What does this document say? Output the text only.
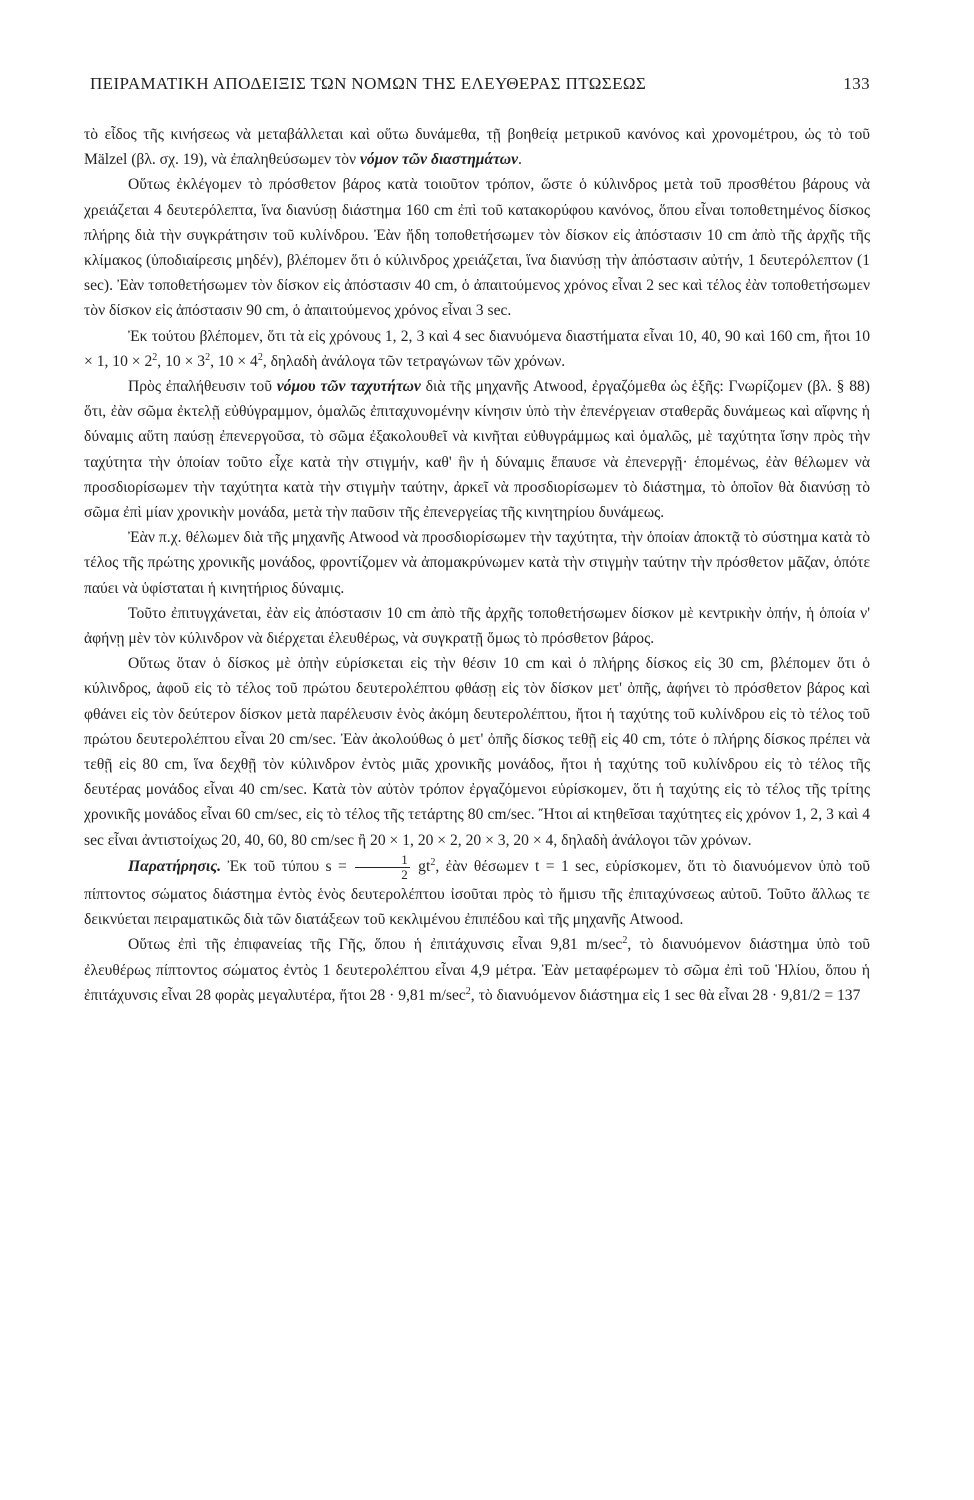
ΠΕΙΡΑΜΑΤΙΚΗ ΑΠΟΔΕΙΞΙΣ ΤΩΝ ΝΟΜΩΝ ΤΗΣ ΕΛΕΥΘΕΡΑΣ ΠΤΩΣΕΩΣ	133

τὸ εἶδος τῆς κινήσεως νὰ μεταβάλλεται καὶ οὕτω δυνάμεθα, τῇ βοηθείᾳ μετρικοῦ κανόνος καὶ χρονομέτρου, ὡς τὸ τοῦ Mälzel (βλ. σχ. 19), νὰ ἐπαληθεύσωμεν τὸν νόμον τῶν διαστημάτων.

Οὕτως ἐκλέγομεν τὸ πρόσθετον βάρος κατὰ τοιοῦτον τρόπον, ὥστε ὁ κύλινδρος μετὰ τοῦ προσθέτου βάρους νὰ χρειάζεται 4 δευτερόλεπτα, ἵνα διανύσῃ διάστημα 160 cm ἐπὶ τοῦ κατακορύφου κανόνος, ὅπου εἶναι τοποθετημένος δίσκος πλήρης διὰ τὴν συγκράτησιν τοῦ κυλίνδρου. Ἐὰν ἤδη τοποθετήσωμεν τὸν δίσκον εἰς ἀπόστασιν 10 cm ἀπὸ τῆς ἀρχῆς τῆς κλίμακος (ὑποδιαίρεσις μηδέν), βλέπομεν ὅτι ὁ κύλινδρος χρειάζεται, ἵνα διανύσῃ τὴν ἀπόστασιν αὐτήν, 1 δευτερόλεπτον (1 sec). Ἐὰν τοποθετήσωμεν τὸν δίσκον εἰς ἀπόστασιν 40 cm, ὁ ἀπαιτούμενος χρόνος εἶναι 2 sec καὶ τέλος ἐὰν τοποθετήσωμεν τὸν δίσκον εἰς ἀπόστασιν 90 cm, ὁ ἀπαιτούμενος χρόνος εἶναι 3 sec.

Ἐκ τούτου βλέπομεν, ὅτι τὰ εἰς χρόνους 1, 2, 3 καὶ 4 sec διανυόμενα διαστήματα εἶναι 10, 40, 90 καὶ 160 cm, ἤτοι 10 × 1, $10 \times 2^2$, $10 \times 3^2$, $10 \times 4^2$, δηλαδὴ ἀνάλογα τῶν τετραγώνων τῶν χρόνων.

Πρὸς ἐπαλήθευσιν τοῦ νόμου τῶν ταχυτήτων διὰ τῆς μηχανῆς Atwood, ἐργαζόμεθα ὡς ἑξῆς: Γνωρίζομεν (βλ. § 88) ὅτι, ἐὰν σῶμα ἐκτελῇ εὐθύγραμμον, ὁμαλῶς ἐπιταχυνομένην κίνησιν ὑπὸ τὴν ἐπενέργειαν σταθερᾶς δυνάμεως καὶ αἴφνης ἡ δύναμις αὕτη παύσῃ ἐπενεργοῦσα, τὸ σῶμα ἐξακολουθεῖ νὰ κινῆται εὐθυγράμμως καὶ ὁμαλῶς, μὲ ταχύτητα ἴσην πρὸς τὴν ταχύτητα τὴν ὁποίαν τοῦτο εἶχε κατὰ τὴν στιγμήν, καθ' ἣν ἡ δύναμις ἔπαυσε νὰ ἐπενεργῇ· ἑπομένως, ἐὰν θέλωμεν νὰ προσδιορίσωμεν τὴν ταχύτητα κατὰ τὴν στιγμὴν ταύτην, ἀρκεῖ νὰ προσδιορίσωμεν τὸ διάστημα, τὸ ὁποῖον θὰ διανύσῃ τὸ σῶμα ἐπὶ μίαν χρονικὴν μονάδα, μετὰ τὴν παῦσιν τῆς ἐπενεργείας τῆς κινητηρίου δυνάμεως.

Ἐὰν π.χ. θέλωμεν διὰ τῆς μηχανῆς Atwood νὰ προσδιορίσωμεν τὴν ταχύτητα, τὴν ὁποίαν ἀποκτᾷ τὸ σύστημα κατὰ τὸ τέλος τῆς πρώτης χρονικῆς μονάδος, φροντίζομεν νὰ ἀπομακρύνωμεν κατὰ τὴν στιγμὴν ταύτην τὴν πρόσθετον μᾶζαν, ὁπότε παύει νὰ ὑφίσταται ἡ κινητήριος δύναμις.

Τοῦτο ἐπιτυγχάνεται, ἐὰν εἰς ἀπόστασιν 10 cm ἀπὸ τῆς ἀρχῆς τοποθετήσωμεν δίσκον μὲ κεντρικὴν ὀπήν, ἡ ὁποία ν' ἀφήνῃ μὲν τὸν κύλινδρον νὰ διέρχεται ἐλευθέρως, νὰ συγκρατῇ ὅμως τὸ πρόσθετον βάρος.

Οὕτως ὅταν ὁ δίσκος μὲ ὀπὴν εὑρίσκεται εἰς τὴν θέσιν 10 cm καὶ ὁ πλήρης δίσκος εἰς 30 cm, βλέπομεν ὅτι ὁ κύλινδρος, ἀφοῦ εἰς τὸ τέλος τοῦ πρώτου δευτερολέπτου φθάσῃ εἰς τὸν δίσκον μετ' ὀπῆς, ἀφήνει τὸ πρόσθετον βάρος καὶ φθάνει εἰς τὸν δεύτερον δίσκον μετὰ παρέλευσιν ἑνὸς ἀκόμη δευτερολέπτου, ἤτοι ἡ ταχύτης τοῦ κυλίνδρου εἰς τὸ τέλος τοῦ πρώτου δευτερολέπτου εἶναι 20 cm/sec. Ἐὰν ἀκολούθως ὁ μετ' ὀπῆς δίσκος τεθῇ εἰς 40 cm, τότε ὁ πλήρης δίσκος πρέπει νὰ τεθῇ εἰς 80 cm, ἵνα δεχθῇ τὸν κύλινδρον ἐντὸς μιᾶς χρονικῆς μονάδος, ἤτοι ἡ ταχύτης τοῦ κυλίνδρου εἰς τὸ τέλος τῆς δευτέρας μονάδος εἶναι 40 cm/sec. Κατὰ τὸν αὐτὸν τρόπον ἐργαζόμενοι εὑρίσκομεν, ὅτι ἡ ταχύτης εἰς τὸ τέλος τῆς τρίτης χρονικῆς μονάδος εἶναι 60 cm/sec, εἰς τὸ τέλος τῆς τετάρτης 80 cm/sec. Ἤτοι αἱ κτηθεῖσαι ταχύτητες εἰς χρόνον 1, 2, 3 καὶ 4 sec εἶναι ἀντιστοίχως 20, 40, 60, 80 cm/sec ἢ 20 × 1, 20 × 2, 20 × 3, 20 × 4, δηλαδὴ ἀνάλογοι τῶν χρόνων.

Παρατήρησις. Ἐκ τοῦ τύπου $s = \frac{1}{2} gt^2$, ἐὰν θέσωμεν t = 1 sec, εὑρίσκομεν, ὅτι τὸ διανυόμενον ὑπὸ τοῦ πίπτοντος σώματος διάστημα ἐντὸς ἑνὸς δευτερολέπτου ἰσοῦται πρὸς τὸ ἥμισυ τῆς ἐπιταχύνσεως αὐτοῦ. Τοῦτο ἄλλως τε δεικνύεται πειραματικῶς διὰ τῶν διατάξεων τοῦ κεκλιμένου ἐπιπέδου καὶ τῆς μηχανῆς Atwood.

Οὕτως ἐπὶ τῆς ἐπιφανείας τῆς Γῆς, ὅπου ἡ ἐπιτάχυνσις εἶναι 9,81 $m/\sec^2$, τὸ διανυόμενον διάστημα ὑπὸ τοῦ ἐλευθέρως πίπτοντος σώματος ἐντὸς 1 δευτερολέπτου εἶναι 4,9 μέτρα. Ἐὰν μεταφέρωμεν τὸ σῶμα ἐπὶ τοῦ Ἡλίου, ὅπου ἡ ἐπιτάχυνσις εἶναι 28 φορὰς μεγαλυτέρα, ἤτοι 28 · 9,81 $m/\sec^2$, τὸ διανυόμενον διάστημα εἰς 1 sec θὰ εἶναι 28 · 9,81/2 = 137
